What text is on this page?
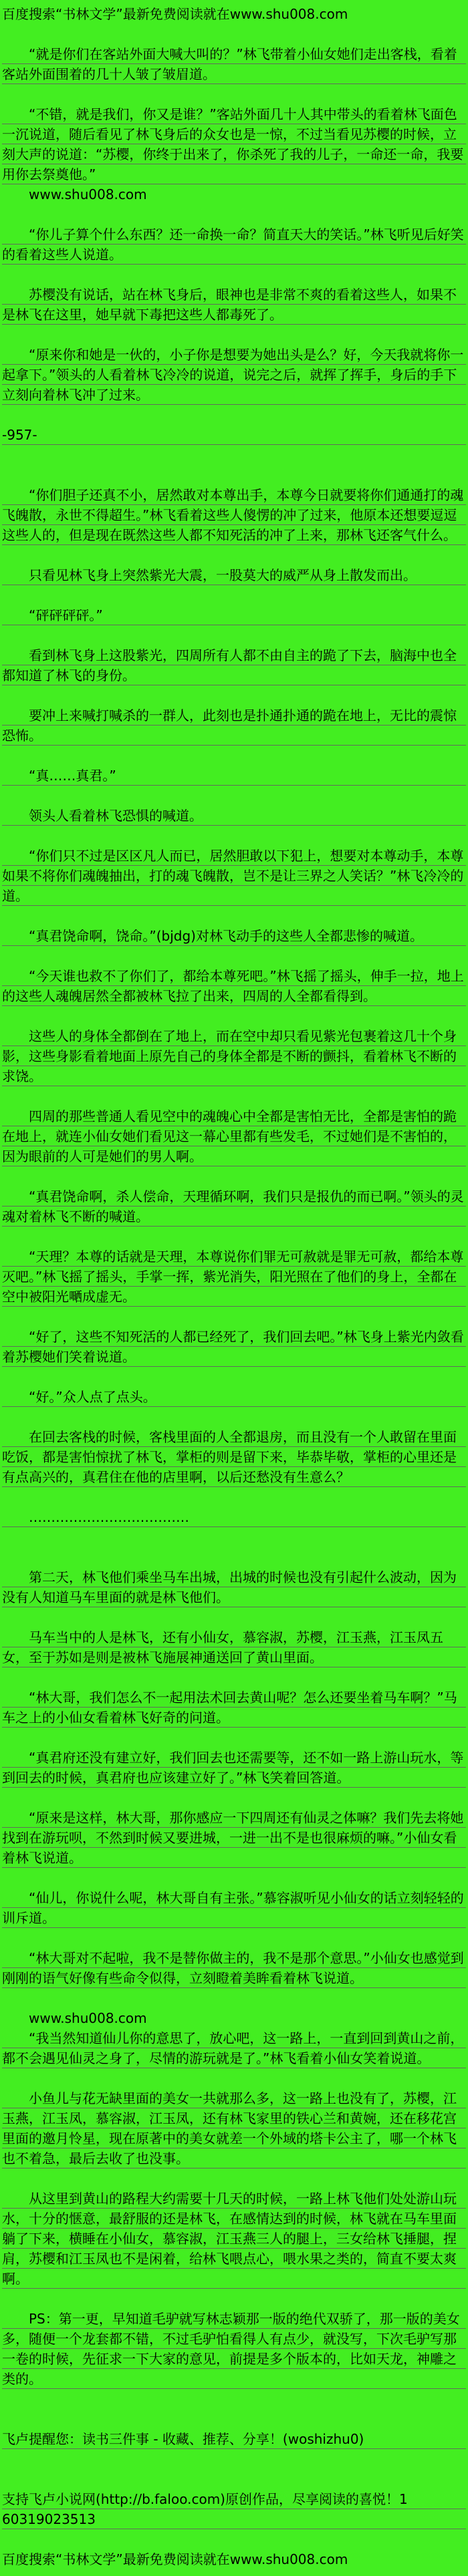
百度搜索“书林文学”最新免费阅读就在www.shu008.com

“就是你们在客站外面大喊大叫的？”林飞带着小仙女她们走出客栈，看着客站外面围着的几十人皱了皱眉道。

“不错，就是我们，你又是谁？”客站外面几十人其中带头的看着林飞面色一沉说道，随后看见了林飞身后的众女也是一惊，不过当看见苏樱的时候，立刻大声的说道：“苏樱，你终于出来了，你杀死了我的儿子，一命还一命，我要用你去祭奠他。”

www.shu008.com

“你儿子算个什么东西？还一命换一命？简直天大的笑话。”林飞听见后好笑的看着这些人说道。

苏樱没有说话，站在林飞身后，眼神也是非常不爽的看着这些人，如果不是林飞在这里，她早就下毒把这些人都毒死了。

“原来你和她是一伙的，小子你是想要为她出头是么？好，今天我就将你一起拿下。”领头的人看着林飞冷冷的说道，说完之后，就挥了挥手，身后的手下立刻向着林飞冲了过来。

-957-

“你们胆子还真不小，居然敢对本尊出手，本尊今日就要将你们通通打的魂飞魄散，永世不得超生。”林飞看着这些人傻愣的冲了过来，他原本还想要逗逗这些人的，但是现在既然这些人都不知死活的冲了上来，那林飞还客气什么。

只看见林飞身上突然紫光大震，一股莫大的威严从身上散发而出。

“砰砰砰砰。”

看到林飞身上这股紫光，四周所有人都不由自主的跪了下去，脑海中也全都知道了林飞的身份。

要冲上来喊打喊杀的一群人，此刻也是扑通扑通的跪在地上，无比的震惊恐怖。

“真……真君。”

领头人看着林飞恐惧的喊道。

“你们只不过是区区凡人而已，居然胆敢以下犯上，想要对本尊动手，本尊如果不将你们魂魄抽出，打的魂飞魄散，岂不是让三界之人笑话？”林飞冷冷的道。

“真君饶命啊，饶命。”(bjdg)对林飞动手的这些人全都悲惨的喊道。

“今天谁也救不了你们了，都给本尊死吧。”林飞摇了摇头，伸手一拉，地上的这些人魂魄居然全都被林飞拉了出来，四周的人全都看得到。

这些人的身体全都倒在了地上，而在空中却只看见紫光包裹着这几十个身影，这些身影看着地面上原先自己的身体全都是不断的颤抖，看着林飞不断的求饶。

四周的那些普通人看见空中的魂魄心中全都是害怕无比，全都是害怕的跪在地上，就连小仙女她们看见这一幕心里都有些发毛，不过她们是不害怕的，因为眼前的人可是她们的男人啊。

“真君饶命啊，杀人偿命，天理循环啊，我们只是报仇的而已啊。”领头的灵魂对着林飞不断的喊道。

“天理？本尊的话就是天理，本尊说你们罪无可赦就是罪无可赦，都给本尊灭吧。”林飞摇了摇头，手掌一挥，紫光消失，阳光照在了他们的身上，全都在空中被阳光嗮成虚无。

“好了，这些不知死活的人都已经死了，我们回去吧。”林飞身上紫光内敛看着苏樱她们笑着说道。

“好。”众人点了点头。

在回去客栈的时候，客栈里面的人全都退房，而且没有一个人敢留在里面吃饭，都是害怕惊扰了林飞，掌柜的则是留下来，毕恭毕敬，掌柜的心里还是有点高兴的，真君住在他的店里啊，以后还愁没有生意么？

………………………………

第二天，林飞他们乘坐马车出城，出城的时候也没有引起什么波动，因为没有人知道马车里面的就是林飞他们。

马车当中的人是林飞，还有小仙女，慕容淑，苏樱，江玉燕，江玉凤五女，至于苏如是则是被林飞施展神通送回了黄山里面。

“林大哥，我们怎么不一起用法术回去黄山呢？怎么还要坐着马车啊？”马车之上的小仙女看着林飞好奇的问道。

“真君府还没有建立好，我们回去也还需要等，还不如一路上游山玩水，等到回去的时候，真君府也应该建立好了。”林飞笑着回答道。

“原来是这样，林大哥，那你感应一下四周还有仙灵之体嘛？我们先去将她找到在游玩呗，不然到时候又要进城，一进一出不是也很麻烦的嘛。”小仙女看着林飞说道。

“仙儿，你说什么呢，林大哥自有主张。”慕容淑听见小仙女的话立刻轻轻的训斥道。

“林大哥对不起啦，我不是替你做主的，我不是那个意思。”小仙女也感觉到刚刚的语气好像有些命令似得，立刻瞪着美眸看着林飞说道。

www.shu008.com

“我当然知道仙儿你的意思了，放心吧，这一路上，一直到回到黄山之前，都不会遇见仙灵之身了，尽情的游玩就是了。”林飞看着小仙女笑着说道。

小鱼儿与花无缺里面的美女一共就那么多，这一路上也没有了，苏樱，江玉燕，江玉凤，慕容淑，江玉凤，还有林飞家里的铁心兰和黄婉，还在移花宫里面的邀月怜星，现在原著中的美女就差一个外域的塔卡公主了，哪一个林飞也不着急，最后去收了也没事。

从这里到黄山的路程大约需要十几天的时候，一路上林飞他们处处游山玩水，十分的惬意，最舒服的还是林飞，在感情达到的时候，林飞就在马车里面躺了下来，横睡在小仙女，慕容淑，江玉燕三人的腿上，三女给林飞捶腿，捏肩，苏樱和江玉凤也不是闲着，给林飞喂点心，喂水果之类的，简直不要太爽啊。

PS：第一更，早知道毛驴就写林志颖那一版的绝代双骄了，那一版的美女多，随便一个龙套都不错，不过毛驴怕看得人有点少，就没写，下次毛驴写那一卷的时候，先征求一下大家的意见，前提是多个版本的，比如天龙，神雕之类的。

飞卢提醒您：读书三件事 - 收藏、推荐、分享！(woshizhu0)

支持飞卢小说网(http://b.faloo.com)原创作品，尽享阅读的喜悦！1

60319023513

百度搜索“书林文学”最新免费阅读就在www.shu008.com
